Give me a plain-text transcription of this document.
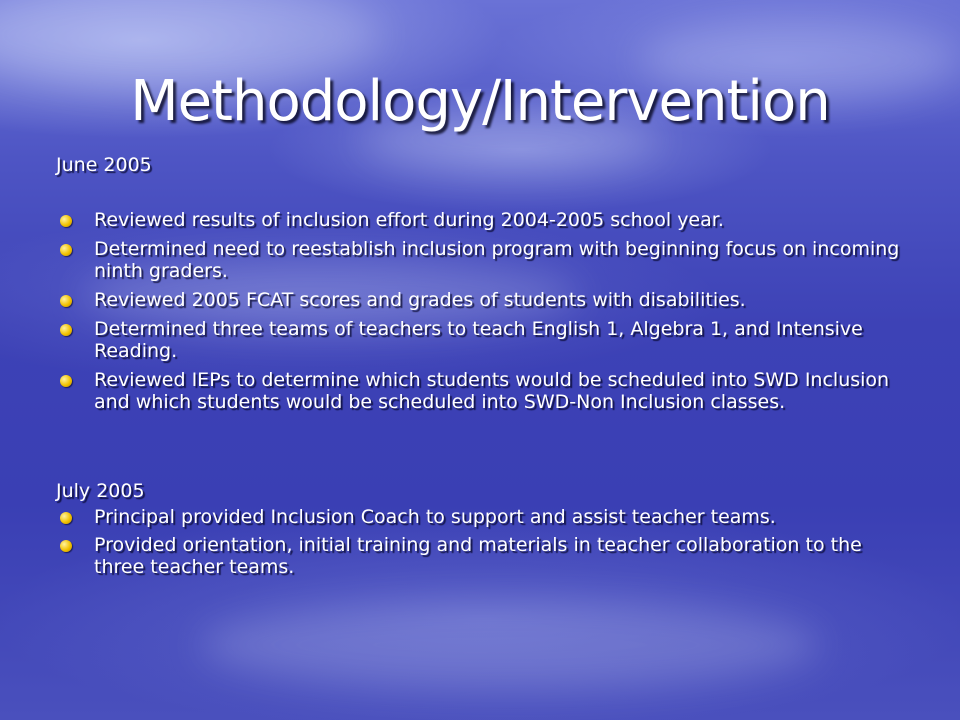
Methodology/Intervention

June 2005

Reviewed results of inclusion effort during 2004-2005 school year.
Determined need to reestablish inclusion program with beginning focus on incoming ninth graders.
Reviewed 2005 FCAT scores and grades of students with disabilities.
Determined three teams of teachers to teach English 1, Algebra 1, and Intensive Reading.
Reviewed IEPs to determine which students would be scheduled into SWD Inclusion and which students would be scheduled into SWD-Non Inclusion classes.

July 2005

Principal provided Inclusion Coach to support and assist teacher teams.
Provided orientation, initial training and materials in teacher collaboration to the three teacher teams.
